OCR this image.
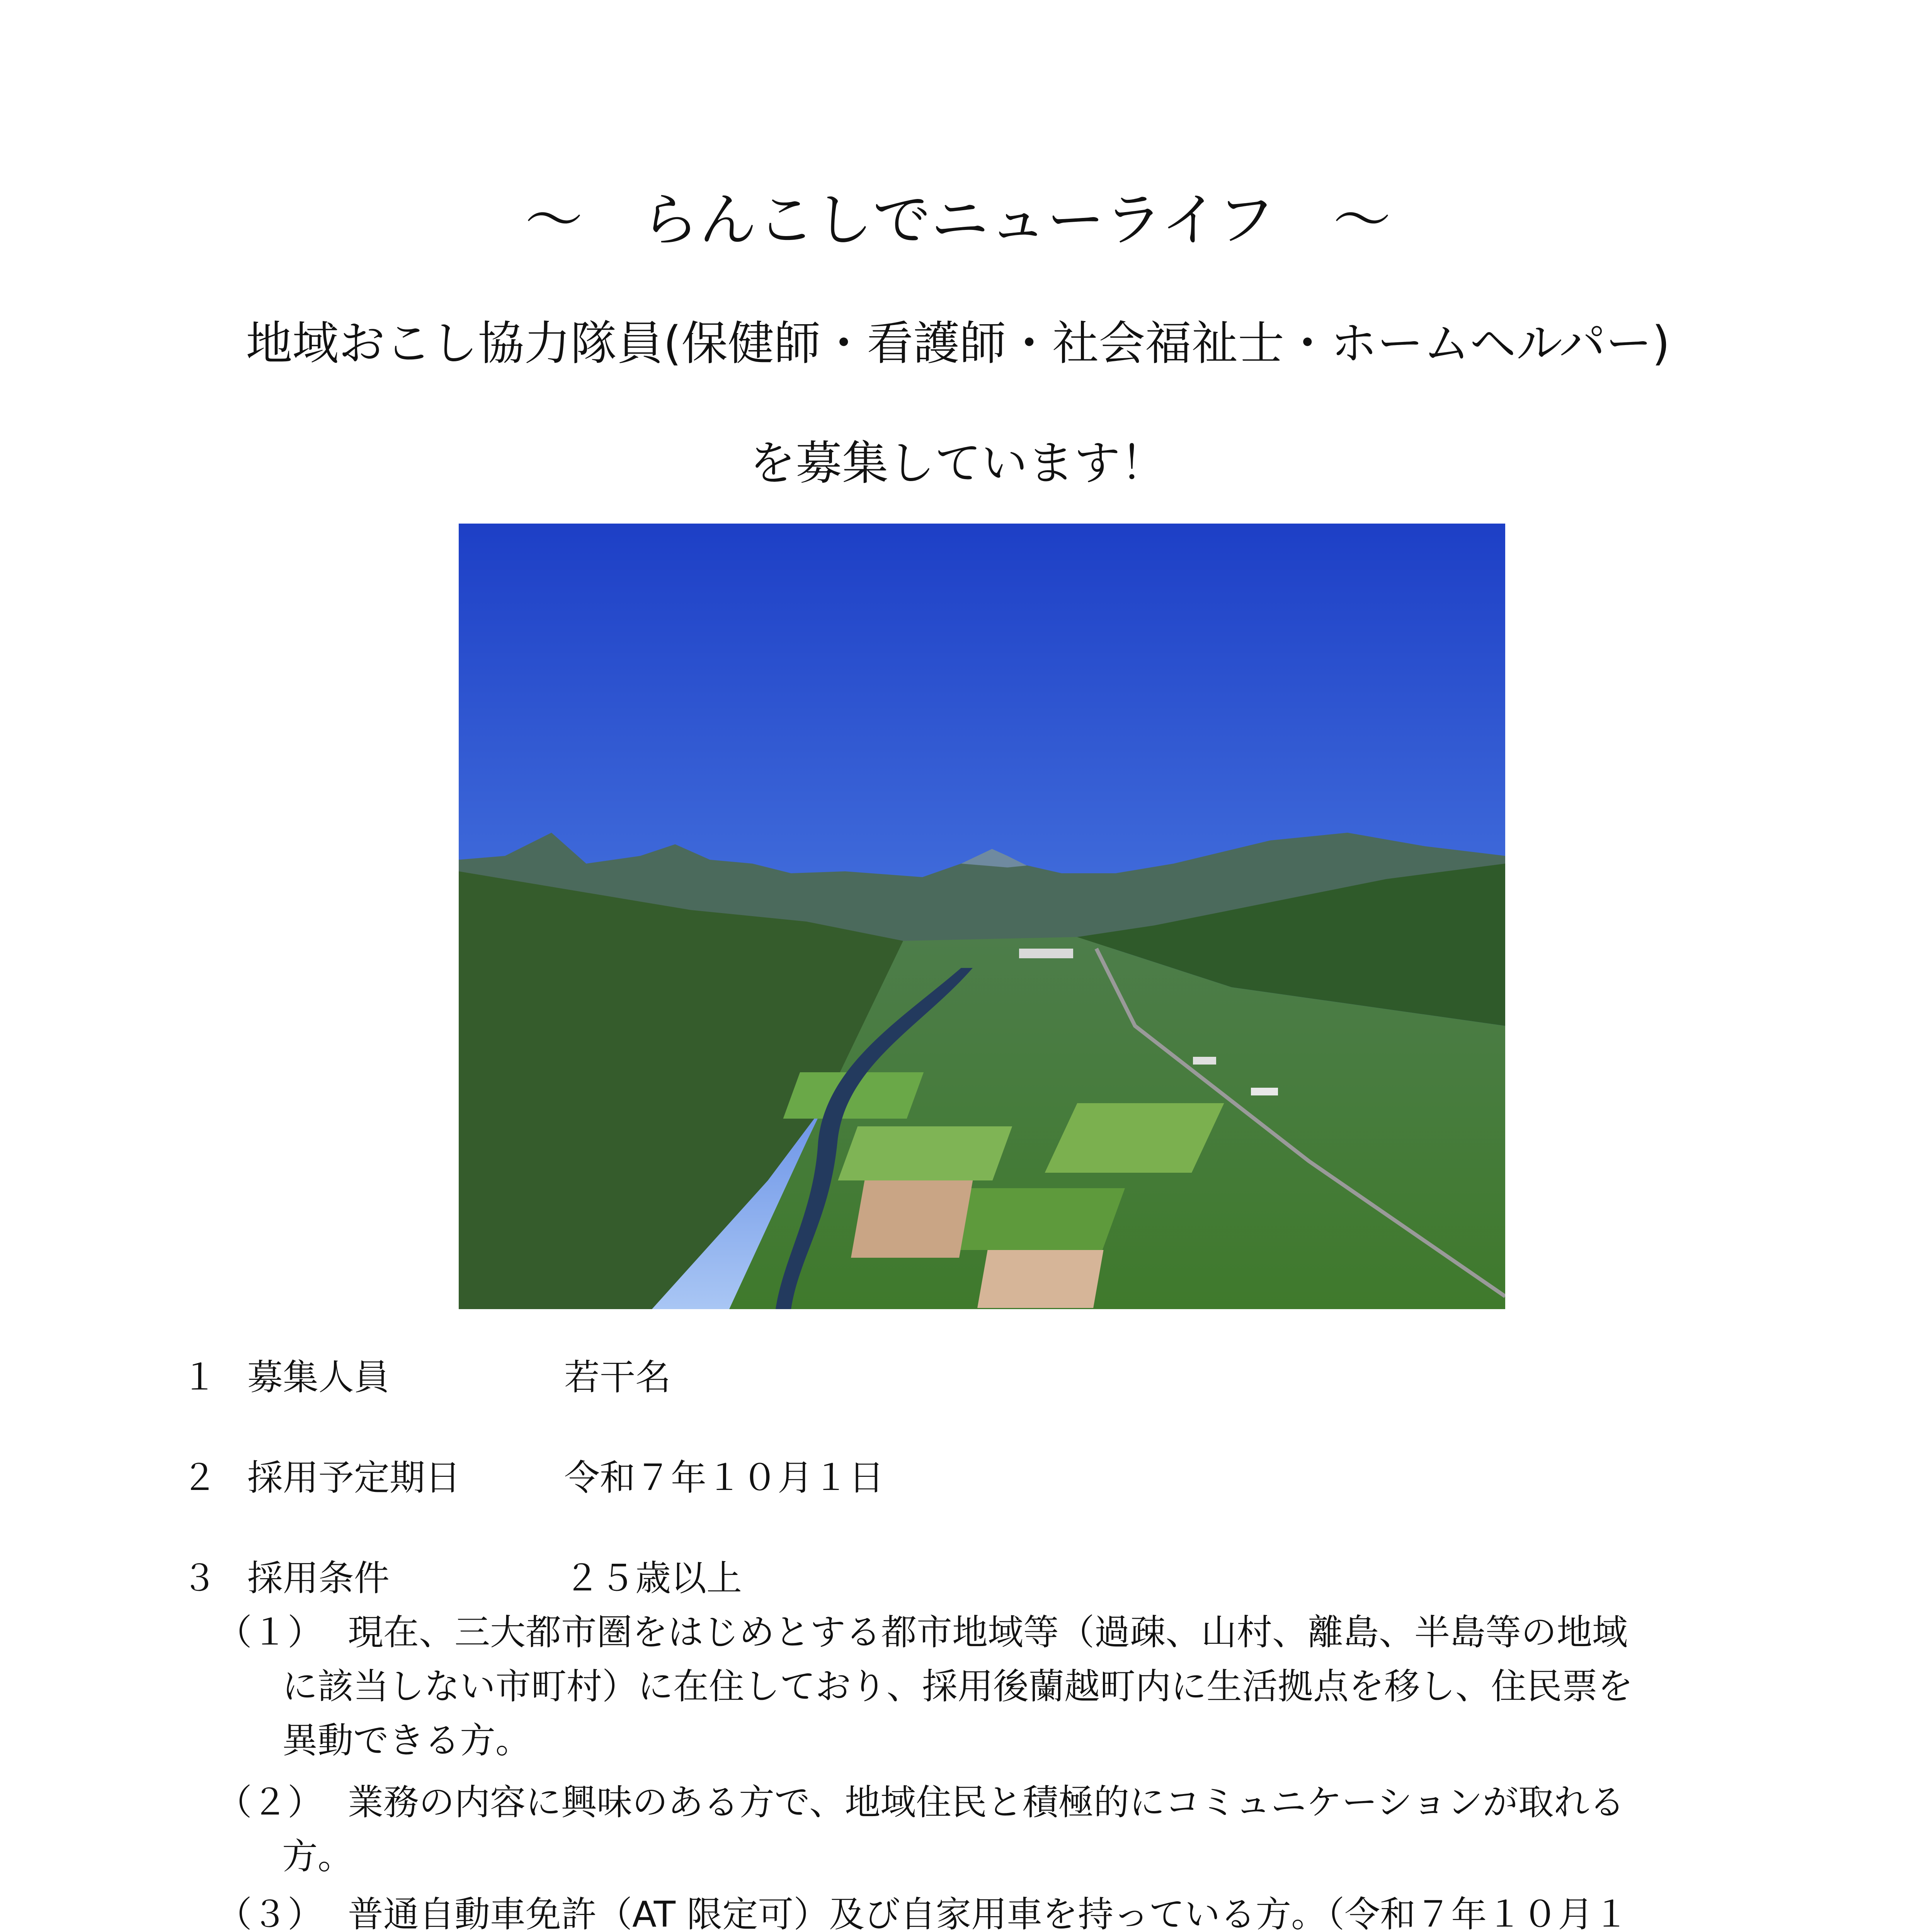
～　らんこしでニューライフ　～
地域おこし協力隊員(保健師・看護師・社会福祉士・ホームヘルパー)
を募集しています！
１ 募集人員	若干名
２ 採用予定期日	令和７年１０月１日
３ 採用条件	２５歳以上
（１） 現在、三大都市圏をはじめとする都市地域等（過疎、山村、離島、半島等の地域
に該当しない市町村）に在住しており、採用後蘭越町内に生活拠点を移し、住民票を
異動できる方。
（２） 業務の内容に興味のある方で、地域住民と積極的にコミュニケーションが取れる
方。
（３） 普通自動車免許（AT 限定可）及び自家用車を持っている方。（令和７年１０月１
